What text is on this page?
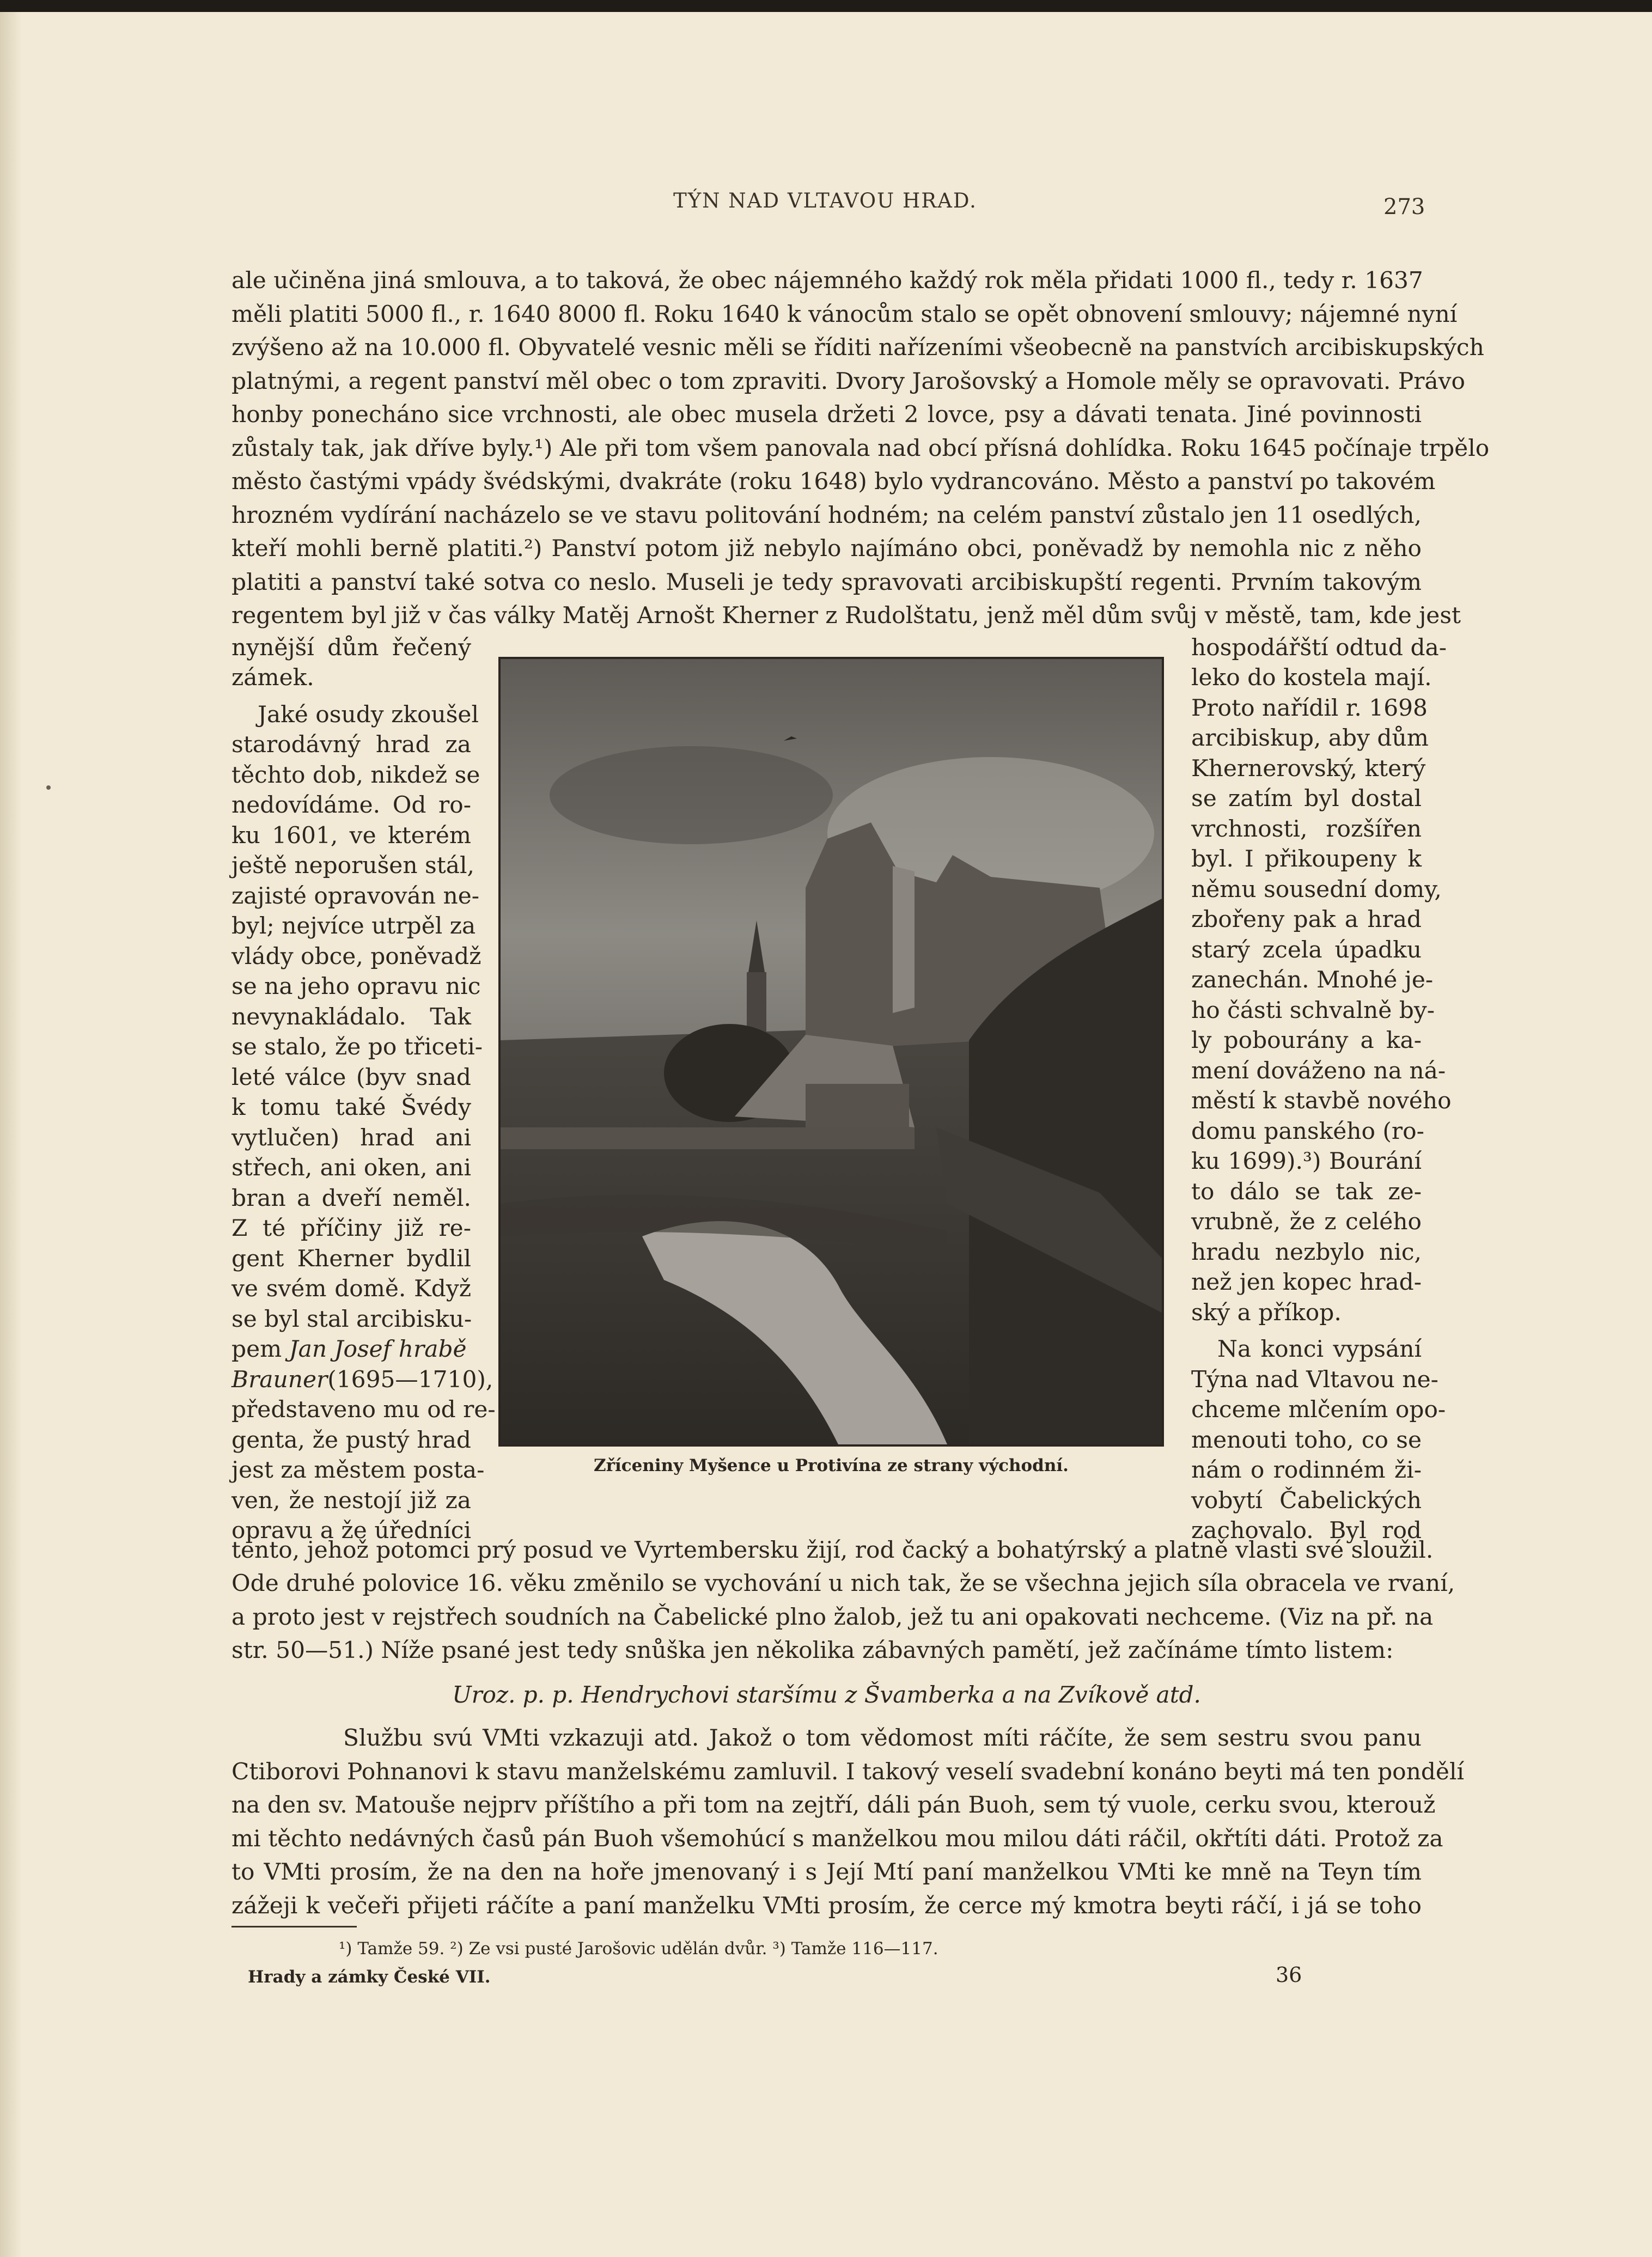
TÝN NAD VLTAVOU HRAD.	273
ale učiněna jiná smlouva, a to taková, že obec nájemného každý rok měla přidati 1000 fl., tedy r. 1637
měli platiti 5000 fl., r. 1640 8000 fl. Roku 1640 k vánocům stalo se opět obnovení smlouvy; nájemné nyní
zvýšeno až na 10.000 fl. Obyvatelé vesnic měli se říditi nařízeními všeobecně na panstvích arcibiskupských
platnými, a regent panství měl obec o tom zpraviti. Dvory Jarošovský a Homole měly se opravovati. Právo
honby ponecháno sice vrchnosti, ale obec musela držeti 2 lovce, psy a dávati tenata. Jiné povinnosti
zůstaly tak, jak dříve byly.¹) Ale při tom všem panovala nad obcí přísná dohlídka. Roku 1645 počínaje trpělo
město častými vpády švédskými, dvakráte (roku 1648) bylo vydrancováno. Město a panství po takovém
hrozném vydírání nacházelo se ve stavu politování hodném; na celém panství zůstalo jen 11 osedlých,
kteří mohli berně platiti.²) Panství potom již nebylo najímáno obci, poněvadž by nemohla nic z něho
platiti a panství také sotva co neslo. Museli je tedy spravovati arcibiskupští regenti. Prvním takovým
regentem byl již v čas války Matěj Arnošt Kherner z Rudolštatu, jenž měl dům svůj v městě, tam, kde jest
nynější dům řečený
zámek.
Jaké osudy zkoušel
starodávný hrad za
těchto dob, nikdež se
nedovídáme. Od ro-
ku 1601, ve kterém
ještě neporušen stál,
zajisté opravován ne-
byl; nejvíce utrpěl za
vlády obce, poněvadž
se na jeho opravu nic
nevynakládalo. Tak
se stalo, že po třiceti-
leté válce (byv snad
k tomu také Švédy
vytlučen) hrad ani
střech, ani oken, ani
bran a dveří neměl.
Z té příčiny již re-
gent Kherner bydlil
ve svém domě. Když
se byl stal arcibisku-
pem Jan Josef hrabě
Brauner(1695—1710),
představeno mu od re-
genta, že pustý hrad
jest za městem posta-
ven, že nestojí již za
opravu a že úředníci
Zříceniny Myšence u Protivína ze strany východní.
hospodářští odtud da-
leko do kostela mají.
Proto nařídil r. 1698
arcibiskup, aby dům
Khernerovský, který
se zatím byl dostal
vrchnosti, rozšířen
byl. I přikoupeny k
němu sousední domy,
zbořeny pak a hrad
starý zcela úpadku
zanechán. Mnohé je-
ho části schvalně by-
ly pobourány a ka-
mení dováženo na ná-
městí k stavbě nového
domu panského (ro-
ku 1699).³) Bourání
to dálo se tak ze-
vrubně, že z celého
hradu nezbylo nic,
než jen kopec hrad-
ský a příkop.
Na konci vypsání
Týna nad Vltavou ne-
chceme mlčením opo-
menouti toho, co se
nám o rodinném ži-
vobytí Čabelických
zachovalo. Byl rod
tento, jehož potomci prý posud ve Vyrtembersku žijí, rod čacký a bohatýrský a platně vlasti své sloužil.
Ode druhé polovice 16. věku změnilo se vychování u nich tak, že se všechna jejich síla obracela ve rvaní,
a proto jest v rejstřech soudních na Čabelické plno žalob, jež tu ani opakovati nechceme. (Viz na př. na
str. 50—51.) Níže psané jest tedy snůška jen několika zábavných pamětí, jež začínáme tímto listem:
Uroz. p. p. Hendrychovi staršímu z Švamberka a na Zvíkově atd.
Službu svú VMti vzkazuji atd. Jakož o tom vědomost míti ráčíte, že sem sestru svou panu
Ctiborovi Pohnanovi k stavu manželskému zamluvil. I takový veselí svadební konáno beyti má ten pondělí
na den sv. Matouše nejprv příštího a při tom na zejtří, dáli pán Buoh, sem tý vuole, cerku svou, kterouž
mi těchto nedávných časů pán Buoh všemohúcí s manželkou mou milou dáti ráčil, okřtíti dáti. Protož za
to VMti prosím, že na den na hoře jmenovaný i s Její Mtí paní manželkou VMti ke mně na Teyn tím
zážeji k večeři přijeti ráčíte a paní manželku VMti prosím, že cerce mý kmotra beyti ráčí, i já se toho
¹) Tamže 59. ²) Ze vsi pusté Jarošovic udělán dvůr. ³) Tamže 116—117.
Hrady a zámky České VII.	36
